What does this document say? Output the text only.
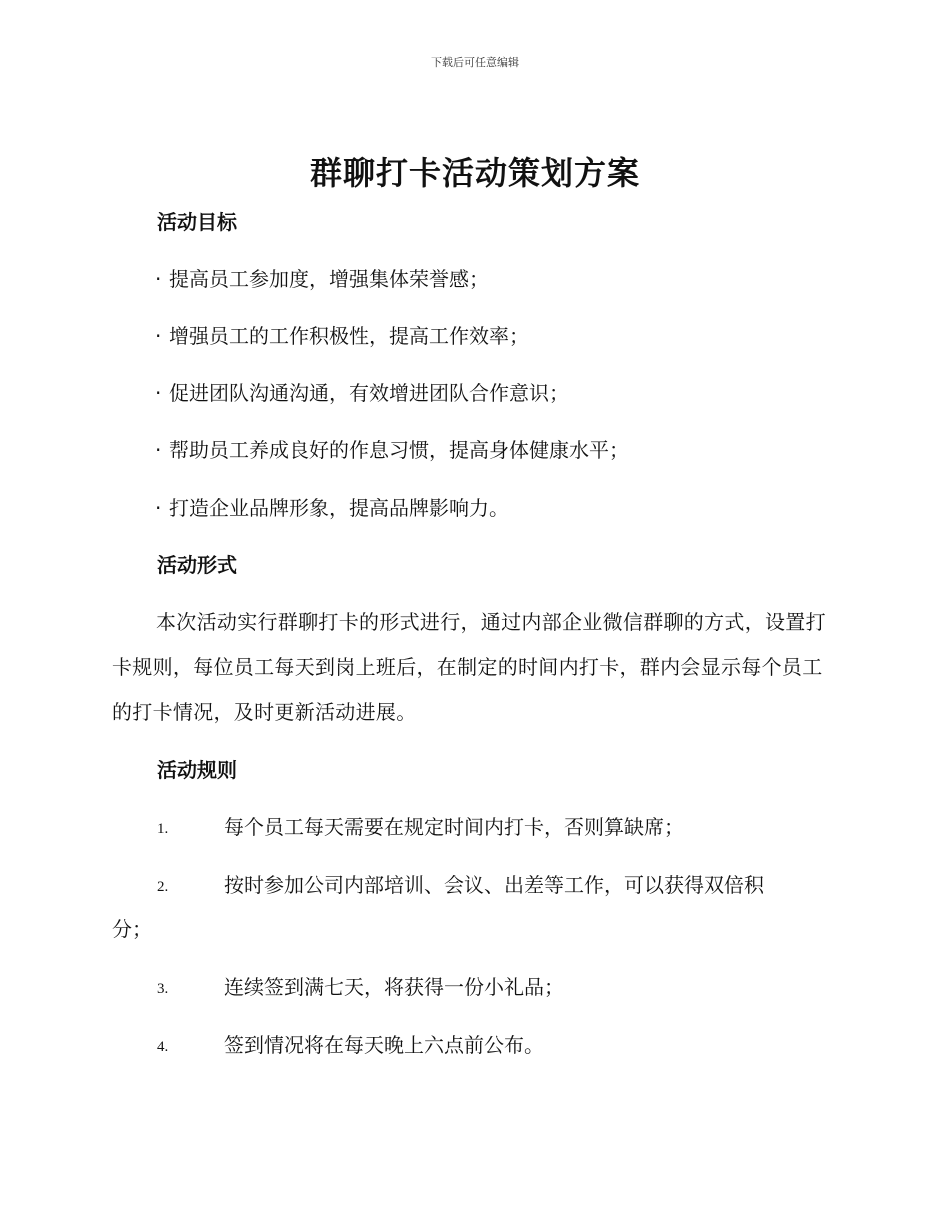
下载后可任意编辑
群聊打卡活动策划方案
活动目标
· 提高员工参加度，增强集体荣誉感；
· 增强员工的工作积极性，提高工作效率；
· 促进团队沟通沟通，有效增进团队合作意识；
· 帮助员工养成良好的作息习惯，提高身体健康水平；
· 打造企业品牌形象，提高品牌影响力。
活动形式
本次活动实行群聊打卡的形式进行，通过内部企业微信群聊的方式，设置打卡规则，每位员工每天到岗上班后，在制定的时间内打卡，群内会显示每个员工的打卡情况，及时更新活动进展。
活动规则
1.	每个员工每天需要在规定时间内打卡，否则算缺席；
2.	按时参加公司内部培训、会议、出差等工作，可以获得双倍积
分；
3.	连续签到满七天，将获得一份小礼品；
4.	签到情况将在每天晚上六点前公布。
